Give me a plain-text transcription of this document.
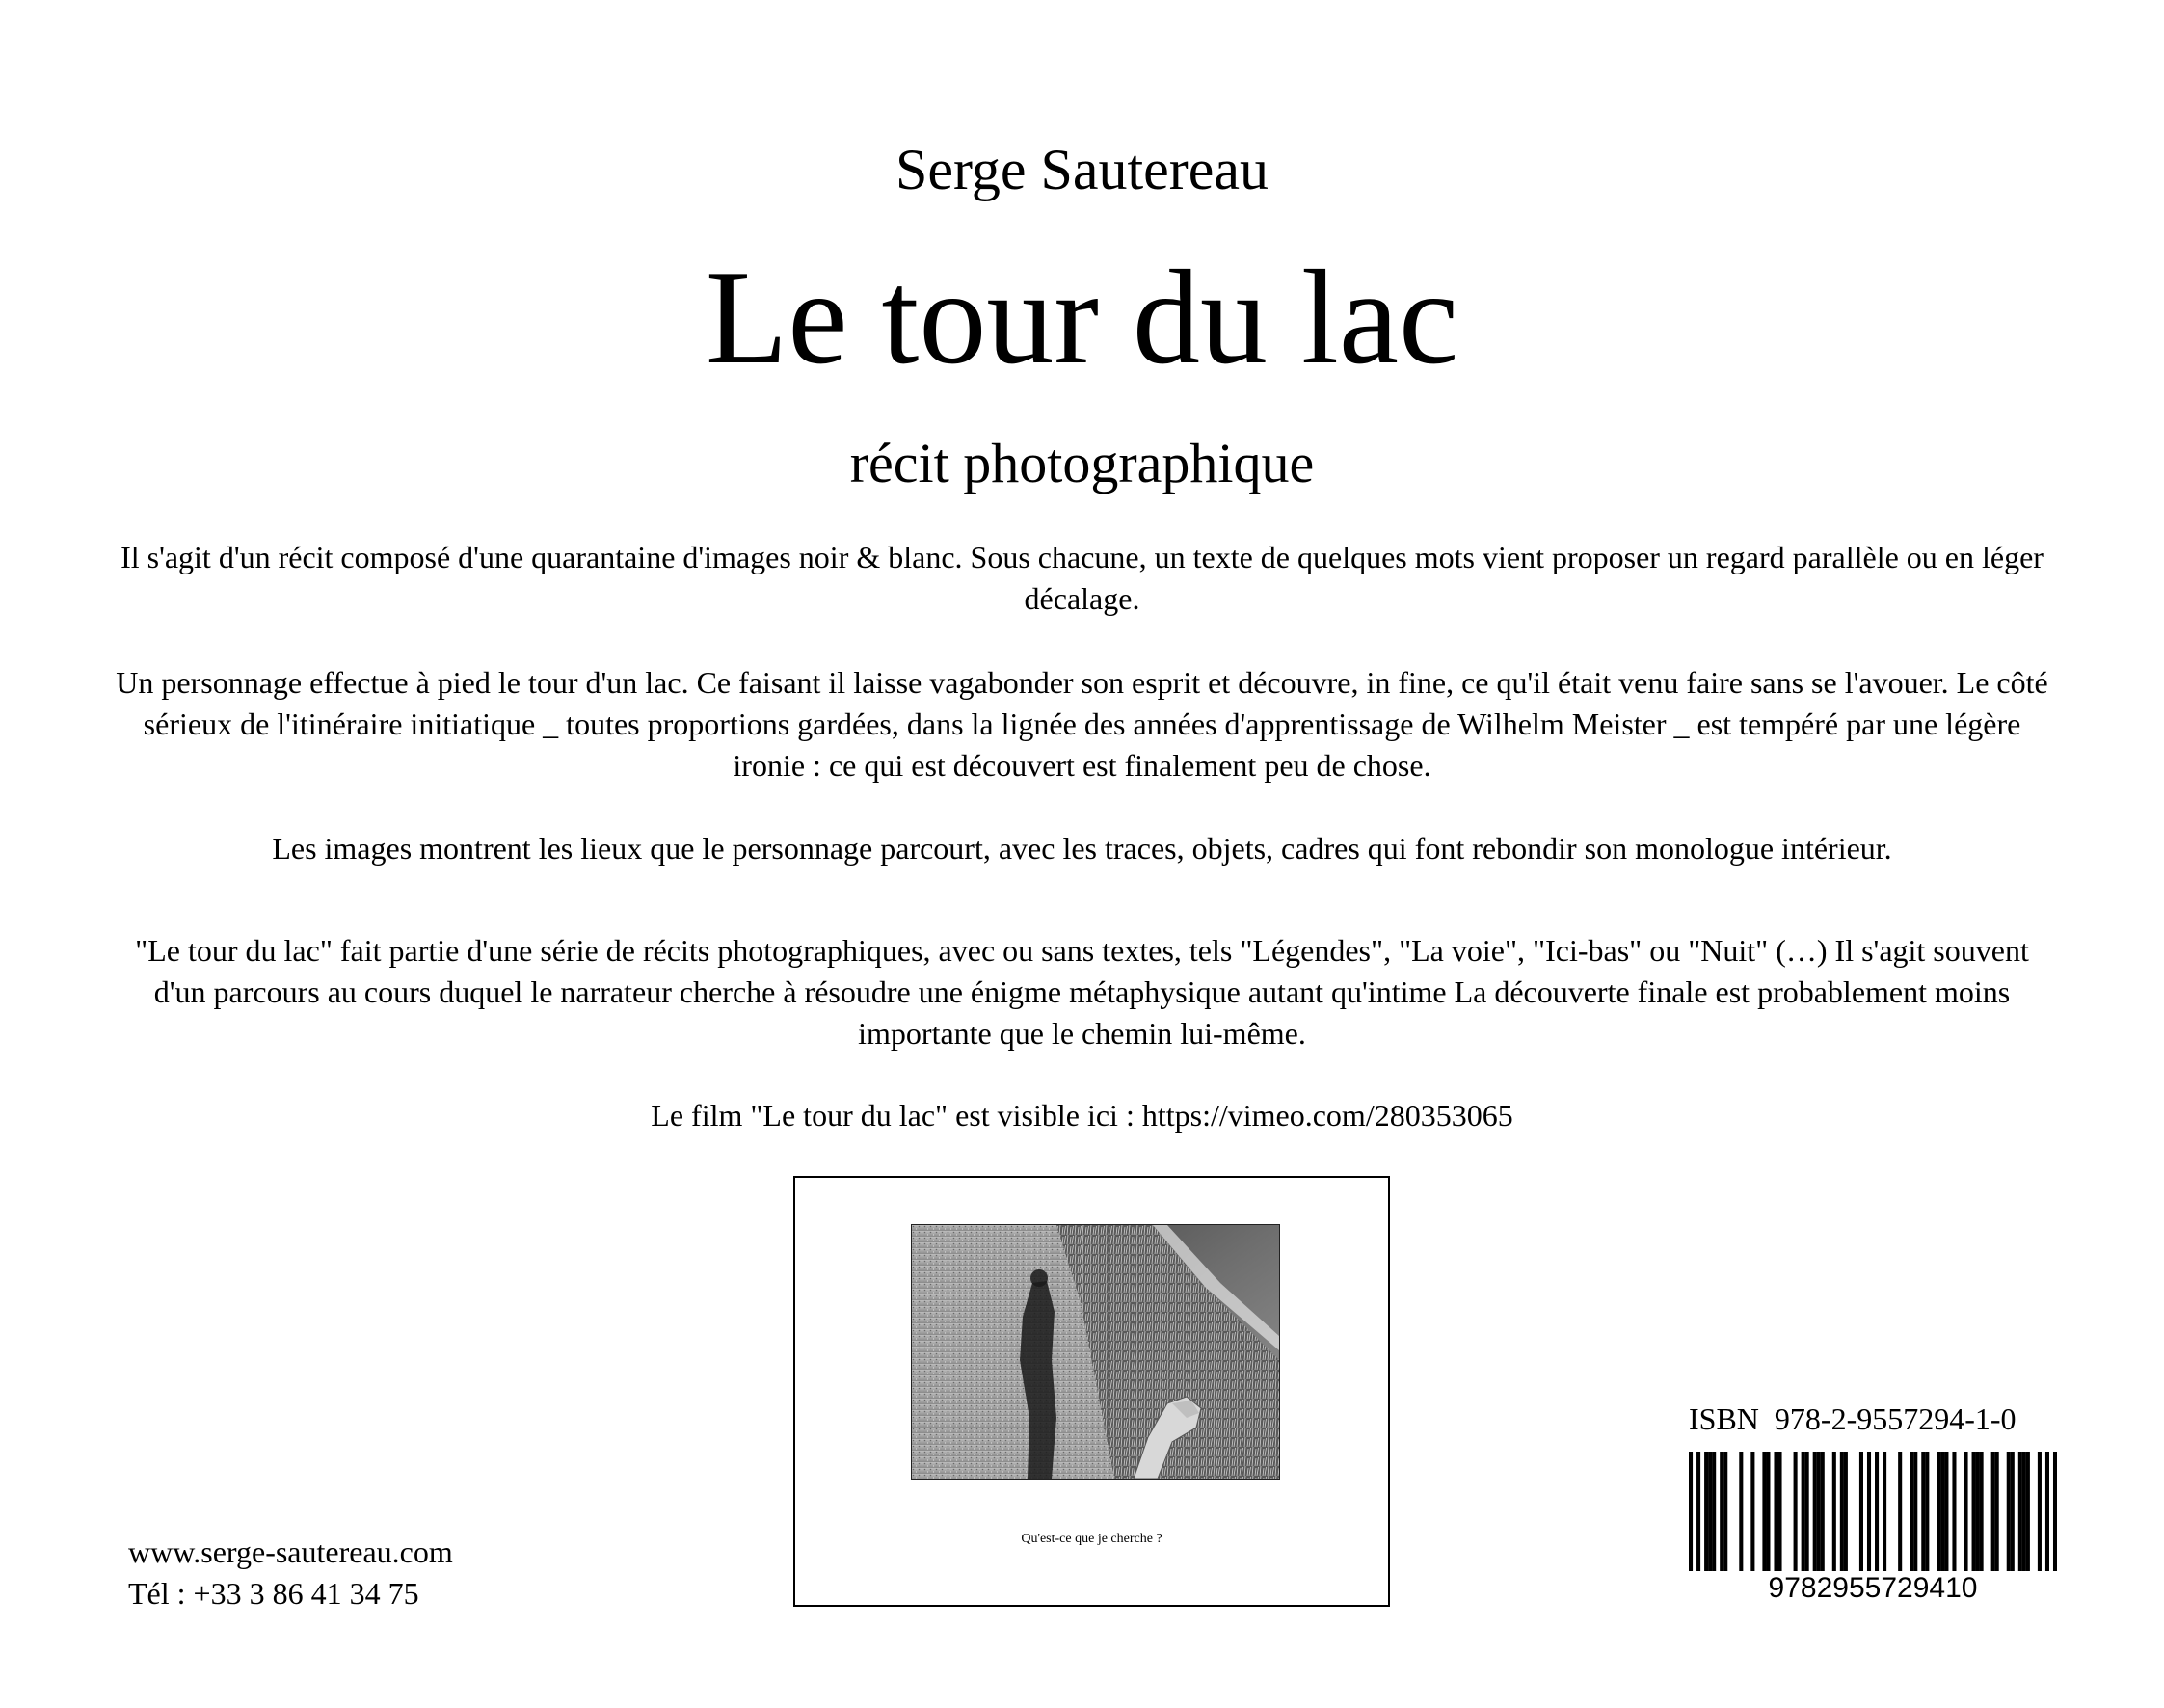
Serge Sautereau
Le tour du lac
récit photographique
Il s'agit d'un récit composé d'une quarantaine d'images noir & blanc. Sous chacune, un texte de quelques mots vient proposer un regard parallèle ou en léger décalage.
Un personnage effectue à pied le tour d'un lac. Ce faisant il laisse vagabonder son esprit et découvre, in fine, ce qu'il était venu faire sans se l'avouer. Le côté sérieux de l'itinéraire initiatique _ toutes proportions gardées, dans la lignée des années d'apprentissage de Wilhelm Meister _ est tempéré par une légère ironie : ce qui est découvert est finalement peu de chose.
Les images montrent les lieux que le personnage parcourt, avec les traces, objets, cadres qui font rebondir son monologue intérieur.
"Le tour du lac" fait partie d'une série de récits photographiques, avec ou sans textes, tels "Légendes", "La voie", "Ici-bas" ou "Nuit" (…) Il s'agit souvent d'un parcours au cours duquel le narrateur cherche à résoudre une énigme métaphysique autant qu'intime La découverte finale est probablement moins importante que le chemin lui-même.
Le film "Le tour du lac" est visible ici : https://vimeo.com/280353065
Qu'est-ce que je cherche ?
ISBN  978-2-9557294-1-0
9782955729410
www.serge-sautereau.com
Tél : +33 3 86 41 34 75
